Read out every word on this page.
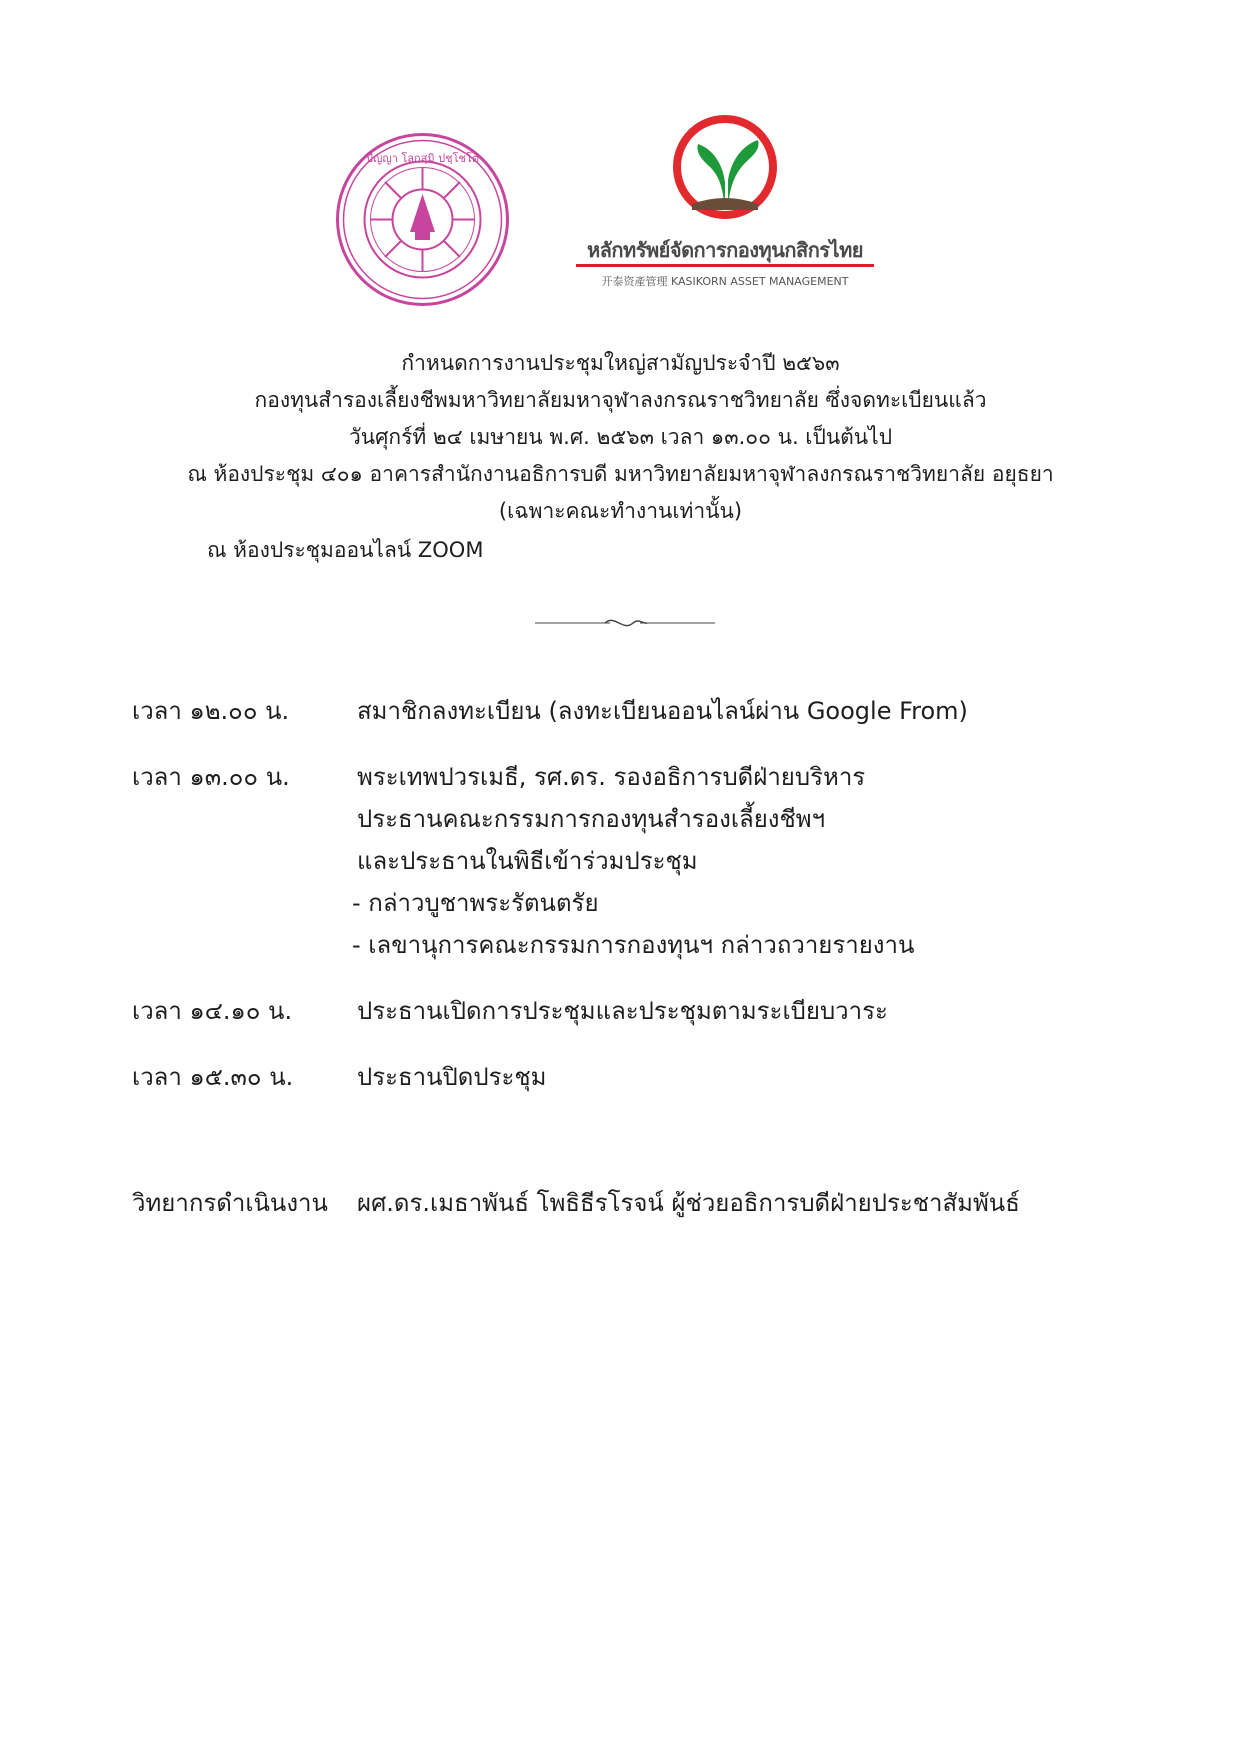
ปัญญา โลกสฺมิ ปชฺโชโต
หลักทรัพย์จัดการกองทุนกสิกรไทย
开泰资產管理 KASIKORN ASSET MANAGEMENT
กำหนดการงานประชุมใหญ่สามัญประจำปี ๒๕๖๓
กองทุนสำรองเลี้ยงชีพมหาวิทยาลัยมหาจุฬาลงกรณราชวิทยาลัย ซึ่งจดทะเบียนแล้ว
วันศุกร์ที่ ๒๔ เมษายน พ.ศ. ๒๕๖๓ เวลา ๑๓.๐๐ น. เป็นต้นไป
ณ ห้องประชุม ๔๐๑ อาคารสำนักงานอธิการบดี มหาวิทยาลัยมหาจุฬาลงกรณราชวิทยาลัย อยุธยา
(เฉพาะคณะทำงานเท่านั้น)
ณ ห้องประชุมออนไลน์ ZOOM
เวลา ๑๒.๐๐ น.	สมาชิกลงทะเบียน (ลงทะเบียนออนไลน์ผ่าน Google From)
เวลา ๑๓.๐๐ น.	พระเทพปวรเมธี, รศ.ดร. รองอธิการบดีฝ่ายบริหาร
ประธานคณะกรรมการกองทุนสำรองเลี้ยงชีพฯ
และประธานในพิธีเข้าร่วมประชุม
- กล่าวบูชาพระรัตนตรัย
- เลขานุการคณะกรรมการกองทุนฯ กล่าวถวายรายงาน
เวลา ๑๔.๑๐ น.	ประธานเปิดการประชุมและประชุมตามระเบียบวาระ
เวลา ๑๕.๓๐ น.	ประธานปิดประชุม
วิทยากรดำเนินงาน ผศ.ดร.เมธาพันธ์ โพธิธีรโรจน์ ผู้ช่วยอธิการบดีฝ่ายประชาสัมพันธ์
